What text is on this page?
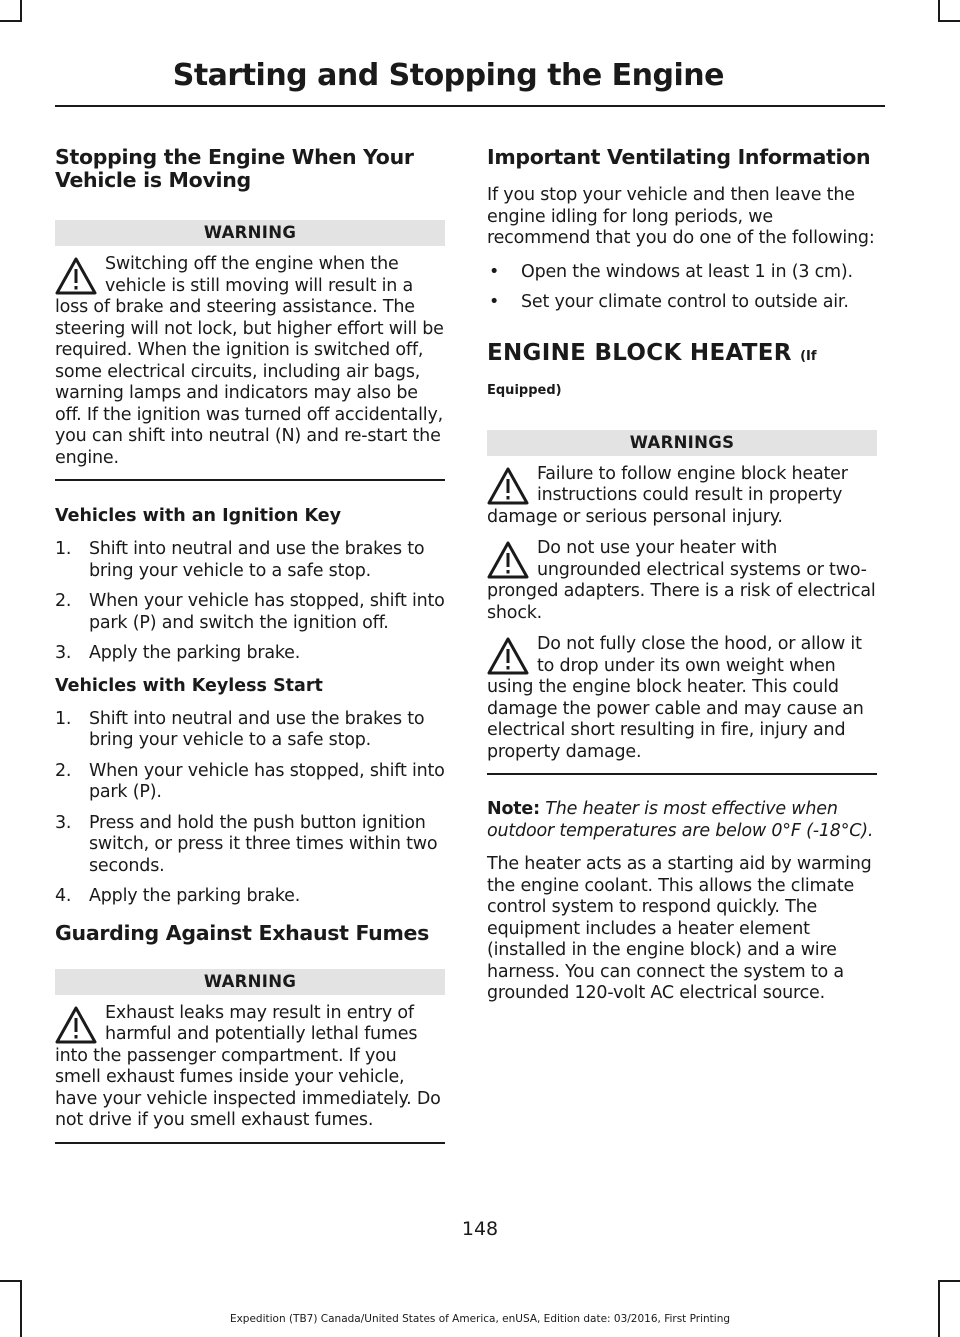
Starting and Stopping the Engine
Stopping the Engine When Your Vehicle is Moving
WARNING
Switching off the engine when the vehicle is still moving will result in a loss of brake and steering assistance. The steering will not lock, but higher effort will be required. When the ignition is switched off, some electrical circuits, including air bags, warning lamps and indicators may also be off. If the ignition was turned off accidentally, you can shift into neutral (N) and re-start the engine.
Vehicles with an Ignition Key
1. Shift into neutral and use the brakes to bring your vehicle to a safe stop.
2. When your vehicle has stopped, shift into park (P) and switch the ignition off.
3. Apply the parking brake.
Vehicles with Keyless Start
1. Shift into neutral and use the brakes to bring your vehicle to a safe stop.
2. When your vehicle has stopped, shift into park (P).
3. Press and hold the push button ignition switch, or press it three times within two seconds.
4. Apply the parking brake.
Guarding Against Exhaust Fumes
WARNING
Exhaust leaks may result in entry of harmful and potentially lethal fumes into the passenger compartment. If you smell exhaust fumes inside your vehicle, have your vehicle inspected immediately. Do not drive if you smell exhaust fumes.
Important Ventilating Information

If you stop your vehicle and then leave the engine idling for long periods, we recommend that you do one of the following:

• Open the windows at least 1 in (3 cm).
• Set your climate control to outside air.
ENGINE BLOCK HEATER (If
Equipped)
WARNINGS
Failure to follow engine block heater instructions could result in property damage or serious personal injury.
Do not use your heater with ungrounded electrical systems or two-pronged adapters. There is a risk of electrical shock.
Do not fully close the hood, or allow it to drop under its own weight when using the engine block heater. This could damage the power cable and may cause an electrical short resulting in fire, injury and property damage.

Note: The heater is most effective when outdoor temperatures are below 0°F (-18°C).

The heater acts as a starting aid by warming the engine coolant. This allows the climate control system to respond quickly. The equipment includes a heater element (installed in the engine block) and a wire harness. You can connect the system to a grounded 120-volt AC electrical source.

148
Expedition (TB7) Canada/United States of America, enUSA, Edition date: 03/2016, First Printing
